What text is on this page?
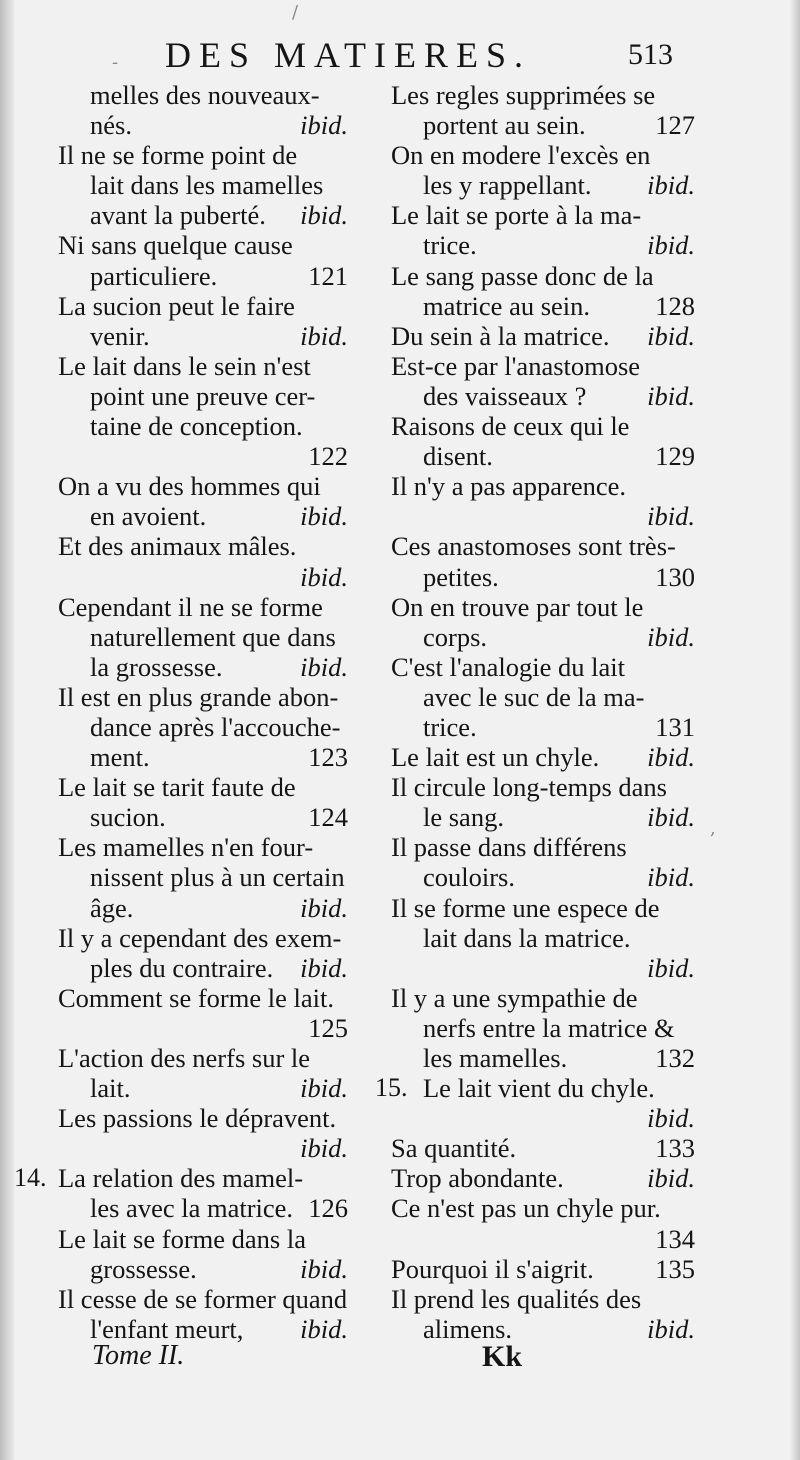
/
-
,
DES MATIERES.	513
melles des nouveaux-
nés.	ibid.
Il ne se forme point de
lait dans les mamelles
avant la puberté. ibid.
Ni sans quelque cause
particuliere.	121
La sucion peut le faire
venir.	ibid.
Le lait dans le sein n'est
point une preuve cer-
taine de conception.
122
On a vu des hommes qui
en avoient.	ibid.
Et des animaux mâles.
ibid.
Cependant il ne se forme
naturellement que dans
la grossesse.	ibid.
Il est en plus grande abon-
dance après l'accouche-
ment.	123
Le lait se tarit faute de
sucion.	124
Les mamelles n'en four-
nissent plus à un certain
âge.	ibid.
Il y a cependant des exem-
ples du contraire. ibid.
Comment se forme le lait.
125
L'action des nerfs sur le
lait.	ibid.
Les passions le dépravent.
ibid.
14. La relation des mamel-
les avec la matrice. 126
Le lait se forme dans la
grossesse.	ibid.
Il cesse de se former quand
l'enfant meurt, ibid.
Les regles supprimées se
portent au sein.	127
On en modere l'excès en
les y rappellant. ibid.
Le lait se porte à la ma-
trice.	ibid.
Le sang passe donc de la
matrice au sein. 128
Du sein à la matrice. ibid.
Est-ce par l'anastomose
des vaisseaux ? ibid.
Raisons de ceux qui le
disent.	129
Il n'y a pas apparence.
ibid.
Ces anastomoses sont très-
petites.	130
On en trouve par tout le
corps.	ibid.
C'est l'analogie du lait
avec le suc de la ma-
trice.	131
Le lait est un chyle. ibid.
Il circule long-temps dans
le sang.	ibid.
Il passe dans différens
couloirs.	ibid.
Il se forme une espece de
lait dans la matrice.
ibid.
Il y a une sympathie de
nerfs entre la matrice &
les mamelles.	132
15. Le lait vient du chyle.
ibid.
Sa quantité.	133
Trop abondante.	ibid.
Ce n'est pas un chyle pur.
134
Pourquoi il s'aigrit. 135
Il prend les qualités des
alimens.	ibid.
Tome II.	Kk
